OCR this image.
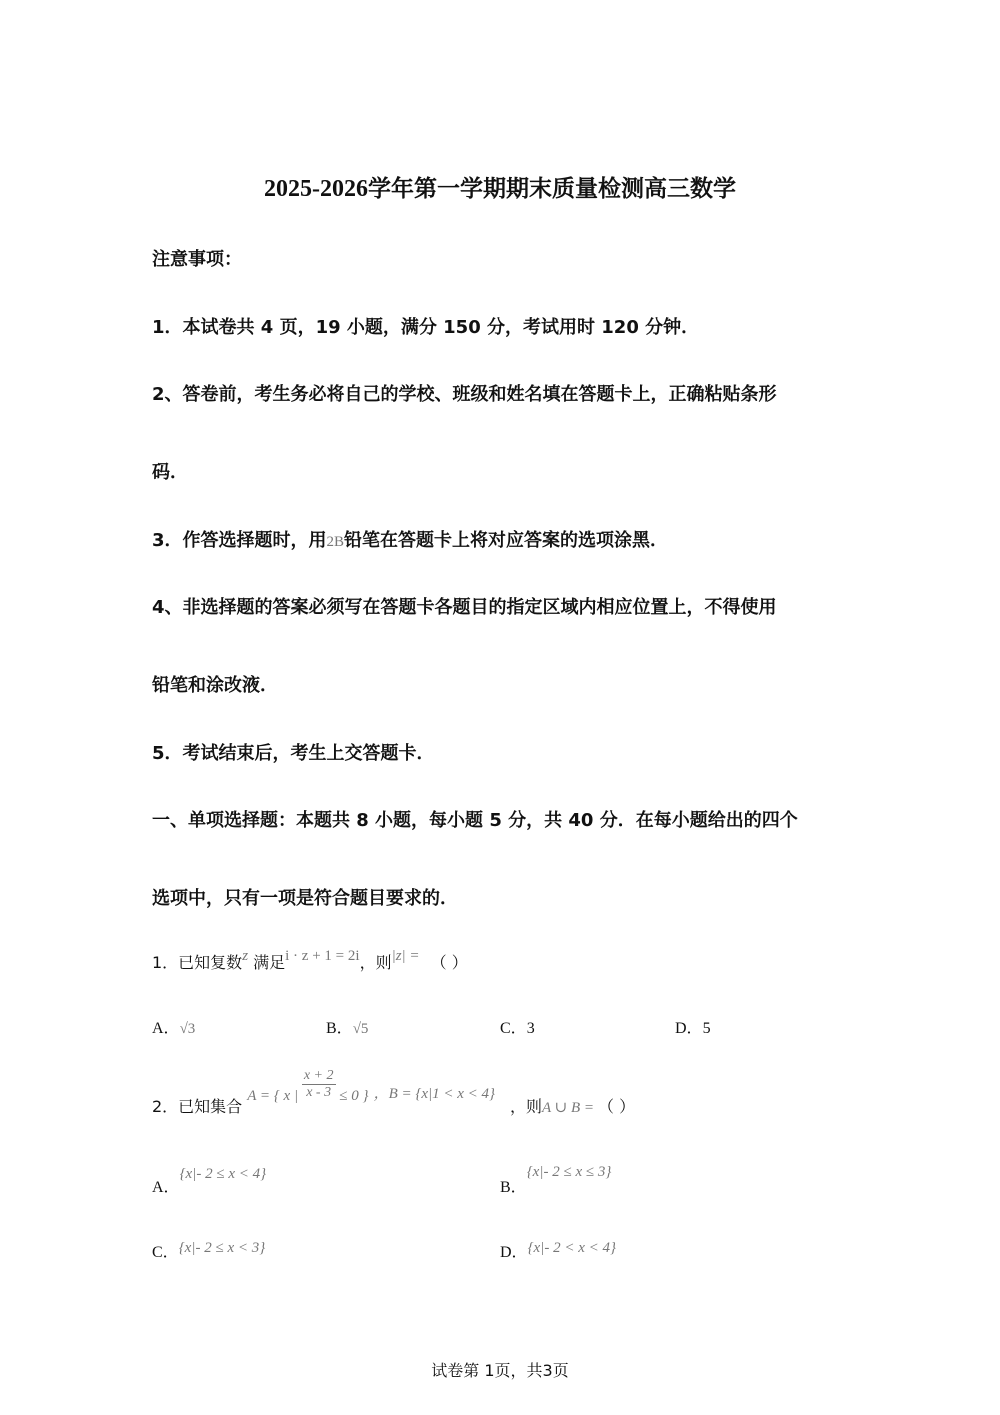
2025-2026学年第一学期期末质量检测高三数学
注意事项：
1．本试卷共 4 页，19 小题，满分 150 分，考试用时 120 分钟．
2、答卷前，考生务必将自己的学校、班级和姓名填在答题卡上，正确粘贴条形
码．
3．作答选择题时，用2B铅笔在答题卡上将对应答案的选项涂黑．
4、非选择题的答案必须写在答题卡各题目的指定区域内相应位置上，不得使用
铅笔和涂改液．
5．考试结束后，考生上交答题卡．
一、单项选择题：本题共 8 小题，每小题 5 分，共 40 分．在每小题给出的四个
选项中，只有一项是符合题目要求的．
1．已知复数z 满足i · z + 1 = 2i，则|z| = （ ）
A．√3	B．√5	C．3	D．5
2．已知集合 A = { x | $\frac{x + 2}{x - 3} \le 0$ } ，B = {x|1 < x < 4}
，则A ∪ B = （ ）
A．{x|- 2 ≤ x < 4}
B．{x|- 2 ≤ x ≤ 3}
C．{x|- 2 ≤ x < 3}	D．{x|- 2 < x < 4}
试卷第 1页，共3页
